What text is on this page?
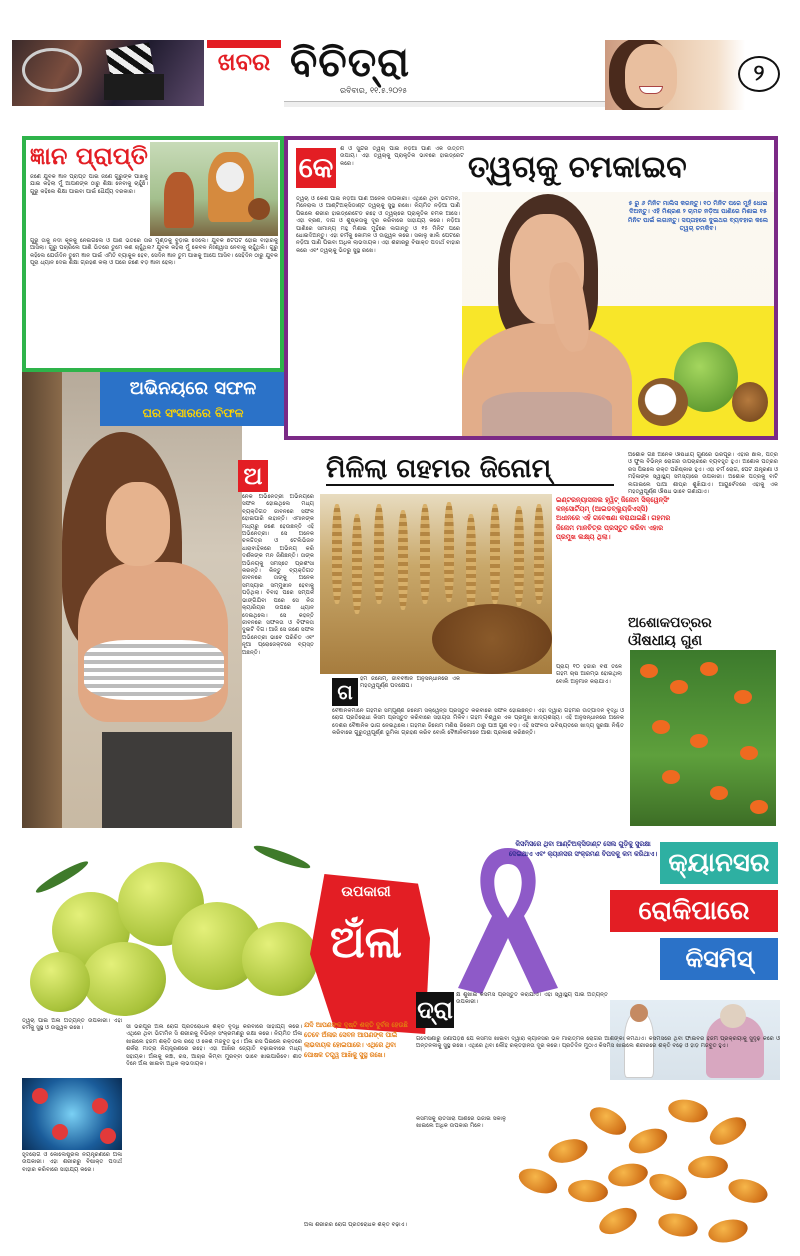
ଖବର ବିଚିତ୍ରା
ରବିବାର, ୧୧.୫.୨୦୨୫
୨
ଜ୍ଞାନ ପ୍ରାପ୍ତି
ଜଣେ ଯୁବକ ଜ୍ଞାନ ପ୍ରାପ୍ତି ପାଇଁ ଜଣେ ଗୁରୁଙ୍କ ପାଖକୁ ଯାଇ କହିଲା ମୁଁ ଆପଣଙ୍କ ଠାରୁ ଶିକ୍ଷା ନେବାକୁ ଚାହୁଁଛି। ଗୁରୁ କହିଲେ ଶିକ୍ଷା ପାଇବା ପାଇଁ ଧୈର୍ଯ୍ୟ ଦରକାର।
ଗୁରୁ ତାକୁ ନଦୀ କୂଳକୁ ନେଇଗଲେ ଓ ପାଣି ଭିତରେ ତାର ମୁଣ୍ଡକୁ ବୁଡ଼ାଇ ଦେଲେ। ଯୁବକ ଛଟପଟ ହୋଇ ବାହାରକୁ ଆସିଲା। ଗୁରୁ ପଚାରିଲେ ପାଣି ଭିତରେ ତୁମେ କଣ ଚାହୁଁଥିଲ? ଯୁବକ କହିଲା ମୁଁ କେବଳ ନିଃଶ୍ୱାସ ନେବାକୁ ଚାହୁଁଥିଲି। ଗୁରୁ କହିଲେ ଯେଉଁଦିନ ତୁମେ ଜ୍ଞାନ ପାଇଁ ଏମିତି ବ୍ୟାକୁଳ ହେବ, ସେଦିନ ଜ୍ଞାନ ତୁମ ପାଖକୁ ଆପେ ଆସିବ। ସେହିଦିନ ଠାରୁ ଯୁବକ ପୂରା ଧ୍ୟାନ ଦେଇ ଶିକ୍ଷା ଗ୍ରହଣ କଲା ଓ ପରେ ଜଣେ ବଡ଼ ଜ୍ଞାନୀ ହେଲା।
କେ	ତ୍ୱଚାକୁ ଚମକାଇବ
ଶ ଓ ସୁନ୍ଦର ତ୍ୱଚା ପାଇଁ ନଡ଼ିଆ ପାଣି ଏକ ଉତ୍ତମ ଉପାୟ। ଏହା ତ୍ୱଚାକୁ ପ୍ରାକୃତିକ ଭାବରେ ହାଇଡ୍ରେଟ କରେ।
ତ୍ୱଚା ଓ କେଶ ପାଇଁ ନଡ଼ିଆ ପାଣି ଅନେକ ଉପକାରୀ। ଏଥିରେ ଥିବା ଭିଟାମିନ, ମିନେରାଲ ଓ ଆଣ୍ଟିଅକ୍ସିଡାଣ୍ଟ ତ୍ୱଚାକୁ ସୁସ୍ଥ ରଖେ। ନିୟମିତ ନଡ଼ିଆ ପାଣି ପିଇଲେ ଶରୀର ହାଇଡ୍ରେଟେଡ ରହେ ଓ ତ୍ୱଚାରେ ପ୍ରାକୃତିକ ଚମକ ଆସେ। ଏହା ବ୍ରଣ, ଦାଗ ଓ ଶୁଷ୍କତାକୁ ଦୂର କରିବାରେ ସାହାଯ୍ୟ କରେ। ନଡ଼ିଆ ପାଣିରେ ସାମାନ୍ୟ ମହୁ ମିଶାଇ ମୁହଁରେ ଲଗାନ୍ତୁ ଓ ୧୫ ମିନିଟ ପରେ ଧୋଇଦିଅନ୍ତୁ। ଏହା ଚର୍ମକୁ କୋମଳ ଓ ଉଜ୍ଜ୍ୱଳ କରେ। ସକାଳୁ ଖାଲି ପେଟରେ ନଡ଼ିଆ ପାଣି ପିଇବା ଅଧିକ ଲାଭଦାୟକ। ଏହା ଶରୀରରୁ ବିଷାକ୍ତ ପଦାର୍ଥ ବାହାର କରେ ଏବଂ ତ୍ୱଚାକୁ ଭିତରୁ ସୁସ୍ଥ ରଖେ।
୫ ରୁ ୬ ମିନିଟ ମାଲିସ କରନ୍ତୁ। ୧୦ ମିନିଟ ପରେ ମୁହଁ ଧୋଇ ଦିଅନ୍ତୁ। ଏହି ମିଶ୍ରଣ ୨ ଚାମଚ ନଡ଼ିଆ ପାଣିରେ ମିଶାଇ ୧୫ ମିନିଟ ପାଇଁ ଲଗାନ୍ତୁ। ସପ୍ତାହରେ ଦୁଇଥର ବ୍ୟବହାର କଲେ ତ୍ୱଚା ଚମକିବ।
ଅଭିନୟରେ ସଫଳ
ଘର ସଂସାରରେ ବିଫଳ
ଅ
ନେକ ଅଭିନେତ୍ରୀ ଅଭିନୟରେ ସଫଳ ହୋଇଥିଲେ ମଧ୍ୟ ବ୍ୟକ୍ତିଗତ ଜୀବନରେ ସଫଳ ହୋଇପାରି ନାହାନ୍ତି। ଏମାନଙ୍କ ମଧ୍ୟରୁ ଜଣେ ହେଉଛନ୍ତି ଏହି ଅଭିନେତ୍ରୀ। ସେ ଅନେକ ଚଳଚ୍ଚିତ୍ର ଓ ଟେଲିଭିଜନ ଧାରାବାହିକରେ ଅଭିନୟ କରି ଦର୍ଶକଙ୍କ ମନ ଜିଣିଛନ୍ତି। ତାଙ୍କ ଅଭିନୟକୁ ସମସ୍ତେ ପ୍ରଶଂସା କରନ୍ତି। କିନ୍ତୁ ବ୍ୟକ୍ତିଗତ ଜୀବନରେ ତାଙ୍କୁ ଅନେକ ସମସ୍ୟାର ସମ୍ମୁଖୀନ ହେବାକୁ ପଡ଼ିଥିଲା। ବିବାହ ପରେ ସମ୍ପର୍କ ଭାଙ୍ଗିଯିବା ପରେ ସେ ନିଜ କ୍ୟାରିୟର ଉପରେ ଧ୍ୟାନ ଦେଇଥିଲେ। ସେ କହନ୍ତି ଜୀବନରେ ସଫଳତା ଓ ବିଫଳତା ଦୁଇଟି ଦିଗ। ଆଜି ସେ ଜଣେ ସଫଳ ଅଭିନେତ୍ରୀ ଭାବେ ପରିଚିତ ଏବଂ ନୂଆ ପ୍ରୋଜେକ୍ଟରେ ବ୍ୟସ୍ତ ଅଛନ୍ତି।
ମିଳିଲା ଗହମର ଜିନୋମ୍
ଇଣ୍ଟରନ୍ୟାସନାଲ ହ୍ୱିଟ୍ ଜିନୋମ ସିକ୍ୱେନ୍ସିଂ କନ୍ସୋର୍ଟିୟମ୍ (ଆଇଡବ୍ଲ୍ୟୁଜିଏସ୍ସି) ଅଧୀନରେ ଏହି ଗବେଷଣା କରାଯାଇଛି। ଗହମର ଜିନୋମ ମାନଚିତ୍ର ପ୍ରସ୍ତୁତ କରିବା ଏହାର ପ୍ରମୁଖ ଲକ୍ଷ୍ୟ ଥିଲା।
ଗ
ହମ ଜିନୋମ୍, ଜୀବବିଜ୍ଞାନ ଅନୁସନ୍ଧାନରେ ଏକ ମହତ୍ୱପୂର୍ଣ୍ଣ ପଦକ୍ଷେପ।
ବୈଜ୍ଞାନିକମାନେ ଗହମର ସମ୍ପୂର୍ଣ୍ଣ ଜିନୋମ ସିକ୍ୱେନ୍ସ ପ୍ରସ୍ତୁତ କରିବାରେ ସଫଳ ହୋଇଛନ୍ତି। ଏହା ଦ୍ୱାରା ଗହମର ଉତ୍ପାଦନ ବୃଦ୍ଧି ଓ ରୋଗ ପ୍ରତିରୋଧୀ କିସମ ପ୍ରସ୍ତୁତ କରିବାରେ ସହାୟତା ମିଳିବ। ଗହମ ବିଶ୍ୱର ଏକ ପ୍ରମୁଖ ଖାଦ୍ୟଶସ୍ୟ। ଏହି ଅନୁସନ୍ଧାନରେ ଅନେକ ଦେଶର ବୈଜ୍ଞାନିକ ଭାଗ ନେଇଥିଲେ। ଗହମର ଜିନୋମ ମଣିଷ ଜିନୋମ ଠାରୁ ପାଞ୍ଚ ଗୁଣ ବଡ଼। ଏହି ସଫଳତା ଭବିଷ୍ୟତରେ ଖାଦ୍ୟ ସୁରକ୍ଷା ନିଶ୍ଚିତ କରିବାରେ ଗୁରୁତ୍ୱପୂର୍ଣ୍ଣ ଭୂମିକା ଗ୍ରହଣ କରିବ ବୋଲି ବୈଜ୍ଞାନିକମାନେ ଆଶା ପ୍ରକାଶ କରିଛନ୍ତି।
ପ୍ରାୟ ୧୦ ହଜାର ବର୍ଷ ତଳେ ଗହମ ଚାଷ ଆରମ୍ଭ ହୋଇଥିଲା ବୋଲି ଅନୁମାନ କରାଯାଏ।
ଅଶୋକ ଗଛ ଅନେକ ଔଷଧୀୟ ଗୁଣରେ ଭରପୂର। ଏହାର ଛାଲି, ପତ୍ର ଓ ଫୁଲ ବିଭିନ୍ନ ରୋଗର ଉପଚାରରେ ବ୍ୟବହୃତ ହୁଏ। ଅଶୋକ ପତ୍ରର ରସ ପିଇଲେ ରକ୍ତ ପରିଷ୍କାର ହୁଏ। ଏହା ଚର୍ମ ରୋଗ, ପେଟ ଯନ୍ତ୍ରଣା ଓ ମହିଳାଙ୍କ ସ୍ୱାସ୍ଥ୍ୟ ସମସ୍ୟାରେ ଉପକାରୀ। ଅଶୋକ ପତ୍ରକୁ ବାଟି ଲଗାଇଲେ ଘାଆ ଶୀଘ୍ର ଶୁଖିଯାଏ। ଆୟୁର୍ବେଦରେ ଏହାକୁ ଏକ ମହତ୍ୱପୂର୍ଣ୍ଣ ଔଷଧ ଭାବେ ଗଣାଯାଏ।
ଅଶୋକପତ୍ରର
ଔଷଧୀୟ ଗୁଣ
ଉପକାରୀ
ଅଁଳା
ତ୍ୱଚା ପାଇଁ ଅଁଳା ଅତ୍ୟନ୍ତ ଉପକାରୀ। ଏହା ଚର୍ମକୁ ସୁସ୍ଥ ଓ ଉଜ୍ଜ୍ୱଳ ରଖେ।	ସୀ ଭରପୂର ଅଁଳା ରୋଗ ପ୍ରତିରୋଧକ ଶକ୍ତି ବୃଦ୍ଧି କରିବାରେ ସାହାଯ୍ୟ କରେ। ଏଥିରେ ଥିବା ଭିଟାମିନ ସି ଶରୀରକୁ ବିଭିନ୍ନ ସଂକ୍ରମଣରୁ ରକ୍ଷା କରେ। ନିୟମିତ ଅଁଳା ଖାଇଲେ ହଜମ ଶକ୍ତି ଭଲ ରହେ ଓ କେଶ ମଜବୁତ ହୁଏ। ଅଁଳା ରସ ପିଇଲେ ରକ୍ତରେ ଶର୍କରା ମାତ୍ରା ନିୟନ୍ତ୍ରଣରେ ରହେ। ଏହା ଆଖିର ଜ୍ୟୋତି ବଢ଼ାଇବାରେ ମଧ୍ୟ ସହାୟକ। ଅଁଳାକୁ କଞ୍ଚା, ରସ, ଆଚାର କିମ୍ବା ମୁରବ୍ବା ଭାବେ ଖାଇପାରିବେ। ଶୀତ ଦିନେ ଅଁଳା ଖାଇବା ଅଧିକ ଲାଭଦାୟକ।
ହୃଦରୋଗ ଓ କୋଲେଷ୍ଟ୍ରଲ ନିୟନ୍ତ୍ରଣରେ ଅଁଳା ଉପକାରୀ। ଏହା ଶରୀରରୁ ବିଷାକ୍ତ ପଦାର୍ଥ ବାହାର କରିବାରେ ସାହାଯ୍ୟ କରେ।
ଯଦି ଆପଣଙ୍କ ଦୃଷ୍ଟି ଶକ୍ତି ଦୁର୍ବଳ ହେଉଛି ତେବେ ଅଁଳାର ସେବନ ଆପଣଙ୍କ ପାଇଁ ଲାଭଦାୟକ ହୋଇପାରେ। ଏଥିରେ ଥିବା ପୋଷକ ତତ୍ତ୍ୱ ଆଖିକୁ ସୁସ୍ଥ ରଖେ।
ଅଁଳା ଶରୀରର ରୋଗ ପ୍ରତିରୋଧକ ଶକ୍ତି ବଢ଼ାଏ।
କିସମିସରେ ଥିବା ଆଣ୍ଟିଅକ୍ସିଡାଣ୍ଟ ସେଲ ଗୁଡ଼ିକୁ ସୁରକ୍ଷା ଦେଇଥାଏ ଏବଂ କ୍ୟାନସର ସଂକ୍ରମଣ ବିପଦକୁ କମ କରିଥାଏ। କ୍ୟାନସର
ରୋକିପାରେ
କିସମିସ୍
ଦ୍ରା
କ୍ଷ ଶୁଖାଇ କିସମିସ ପ୍ରସ୍ତୁତ କରାଯାଏ। ଏହା ସ୍ୱାସ୍ଥ୍ୟ ପାଇଁ ଅତ୍ୟନ୍ତ ଉପକାରୀ।
ଗବେଷଣାରୁ ଜଣାପଡ଼ିଛି ଯେ କିସମିସ ଖାଇବା ଦ୍ୱାରା କ୍ୟାନସର ଭଳି ମାରାତ୍ମକ ରୋଗର ଆଶଙ୍କା କମିଥାଏ। କିସମିସରେ ଥିବା ଫାଇବର ହଜମ ପ୍ରକ୍ରିୟାକୁ ସୁଦୃଢ଼ କରେ ଓ ଅନ୍ତନଳୀକୁ ସୁସ୍ଥ ରଖେ। ଏଥିରେ ଥିବା ଲୌହ ରକ୍ତହୀନତା ଦୂର କରେ। ପ୍ରତିଦିନ ମୁଠାଏ କିସମିସ ଖାଇଲେ ଶରୀରରେ ଶକ୍ତି ବଢ଼େ ଓ ହାଡ଼ ମଜବୁତ ହୁଏ।
କିସମିସକୁ ରାତିସାରା ପାଣିରେ ଭିଜାଇ ସକାଳୁ ଖାଇଲେ ଅଧିକ ଉପକାର ମିଳେ।
